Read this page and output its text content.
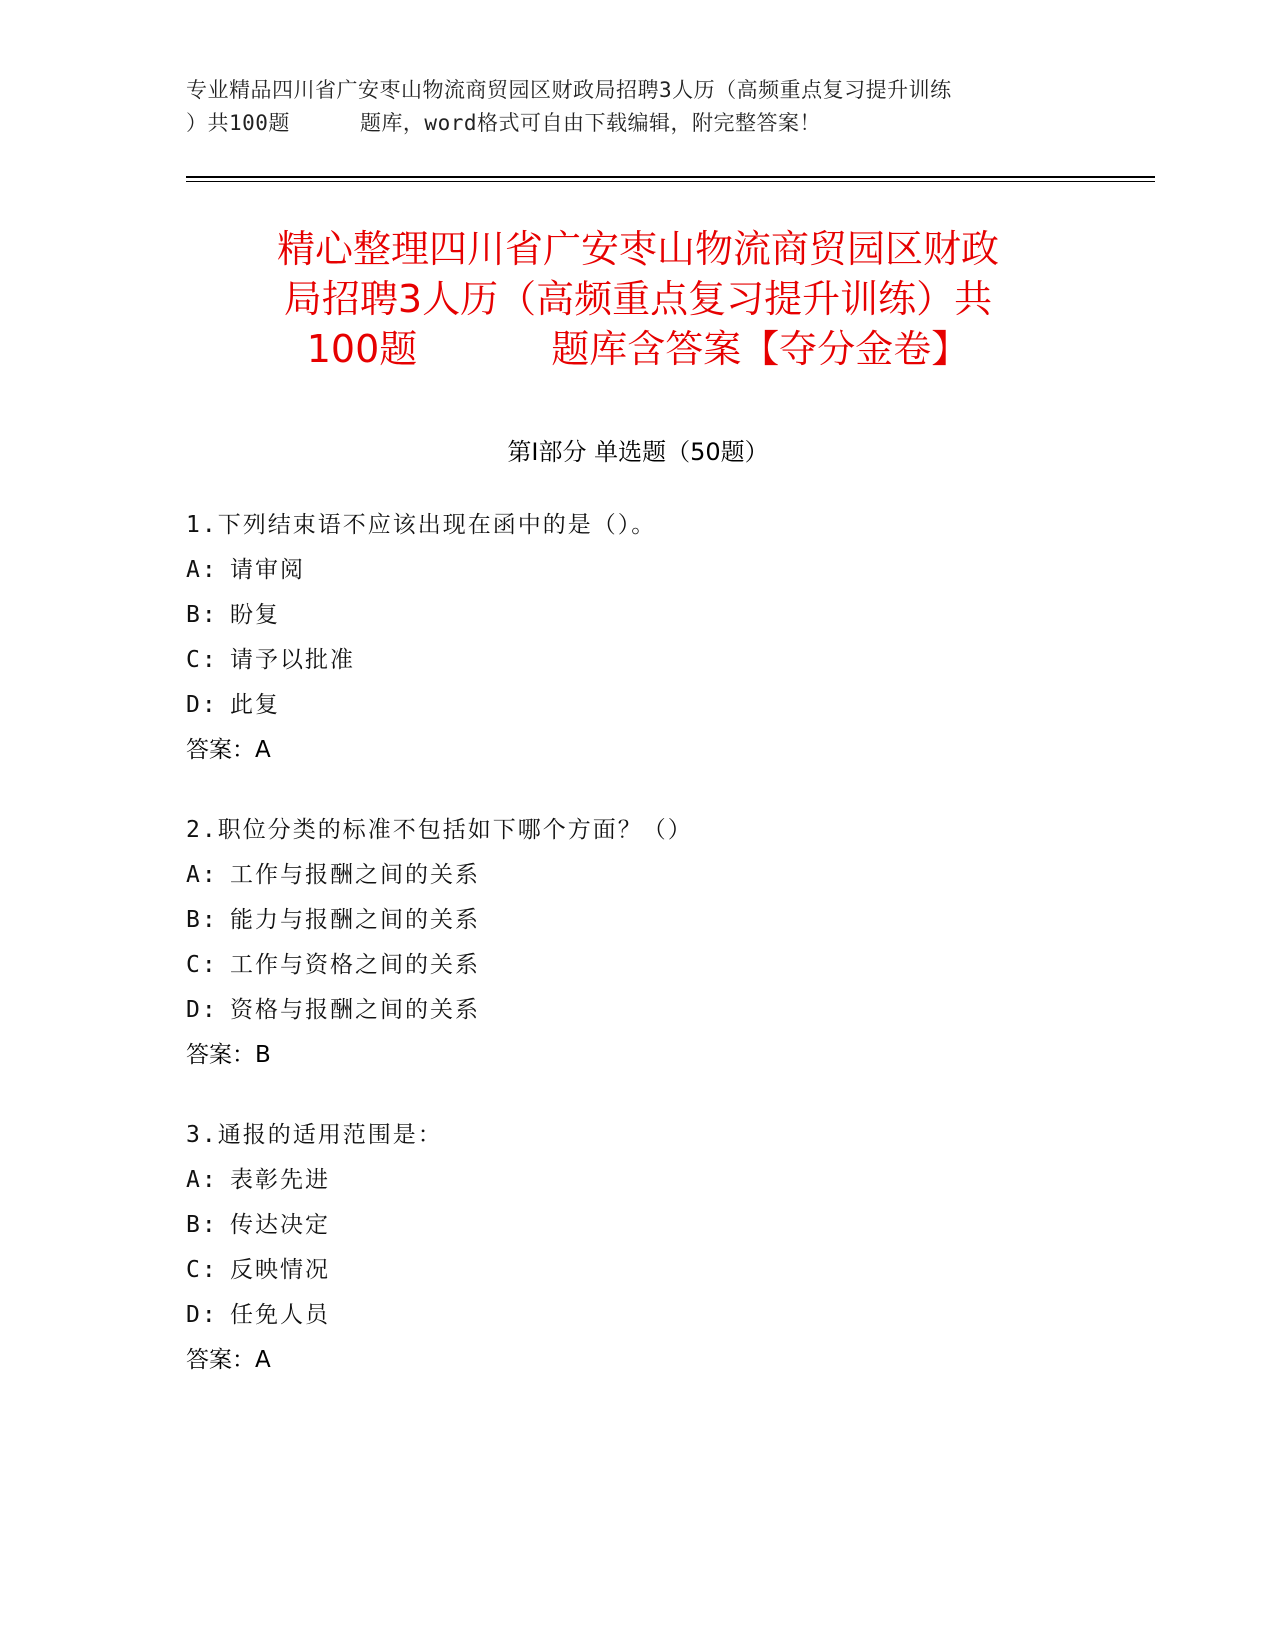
专业精品四川省广安枣山物流商贸园区财政局招聘3人历（高频重点复习提升训练
）共100题	题库，word格式可自由下载编辑，附完整答案！
精心整理四川省广安枣山物流商贸园区财政
局招聘3人历（高频重点复习提升训练）共
100题	题库含答案【夺分金卷】
第Ⅰ部分 单选题（50题）
1.下列结束语不应该出现在函中的是（）。
A: 请审阅
B: 盼复
C: 请予以批准
D: 此复
答案：A
2.职位分类的标准不包括如下哪个方面？（）
A: 工作与报酬之间的关系
B: 能力与报酬之间的关系
C: 工作与资格之间的关系
D: 资格与报酬之间的关系
答案：B
3.通报的适用范围是：
A: 表彰先进
B: 传达决定
C: 反映情况
D: 任免人员
答案：A
